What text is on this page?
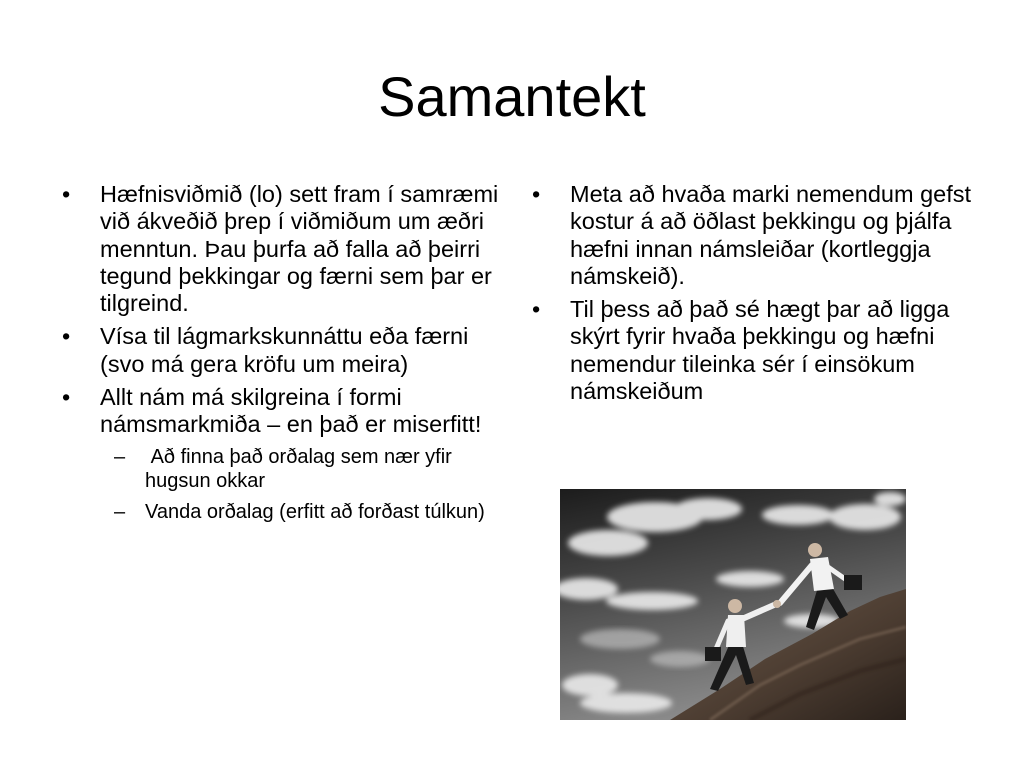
Samantekt
• Hæfnisviðmið (lo) sett fram í samræmi við ákveðið þrep í viðmiðum um æðri menntun. Þau þurfa að falla að þeirri tegund þekkingar og færni sem þar er tilgreind.
• Vísa til lágmarkskunnáttu eða færni (svo má gera kröfu um meira)
• Allt nám má skilgreina í formi námsmarkmiða – en það er miserfitt!
– Að finna það orðalag sem nær yfir hugsun okkar
– Vanda orðalag (erfitt að forðast túlkun)
• Meta að hvaða marki nemendum gefst kostur á að öðlast þekkingu og þjálfa hæfni innan námsleiðar (kortleggja námskeið).
• Til þess að það sé hægt þar að ligga skýrt fyrir hvaða þekkingu og hæfni nemendur tileinka sér í einsökum námskeiðum
